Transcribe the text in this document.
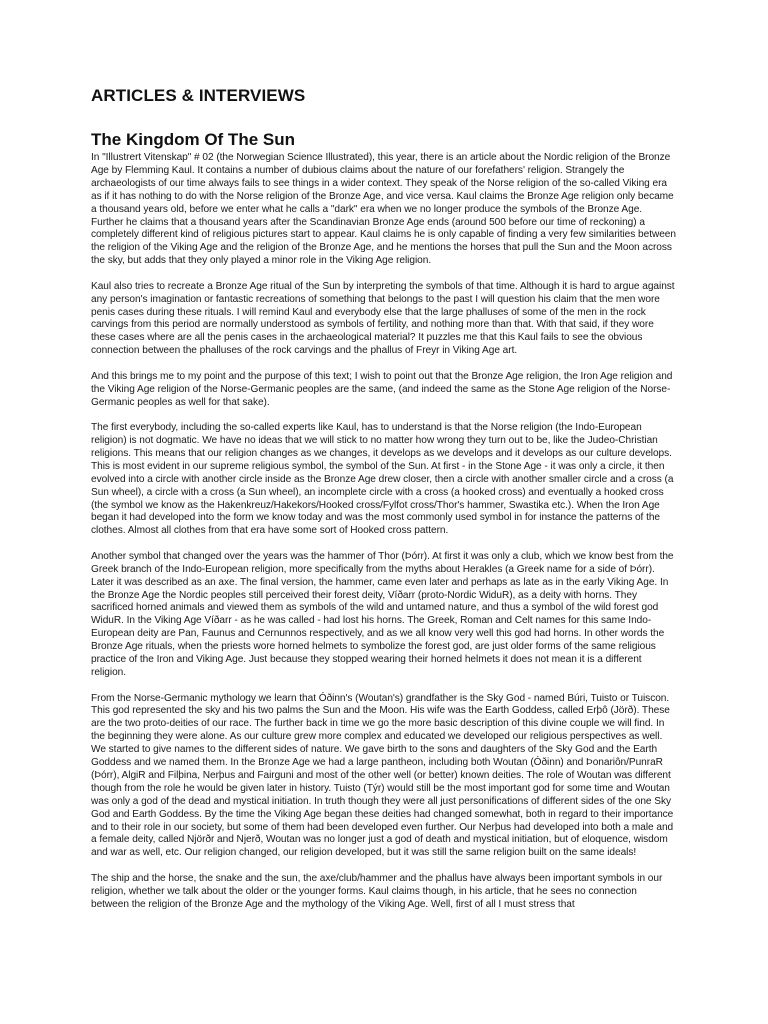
ARTICLES & INTERVIEWS
The Kingdom Of The Sun

In "Illustrert Vitenskap" # 02 (the Norwegian Science Illustrated), this year, there is an article about the Nordic religion of the Bronze Age by Flemming Kaul. It contains a number of dubious claims about the nature of our forefathers' religion. Strangely the archaeologists of our time always fails to see things in a wider context. They speak of the Norse religion of the so-called Viking era as if it has nothing to do with the Norse religion of the Bronze Age, and vice versa. Kaul claims the Bronze Age religion only became a thousand years old, before we enter what he calls a "dark" era when we no longer produce the symbols of the Bronze Age. Further he claims that a thousand years after the Scandinavian Bronze Age ends (around 500 before our time of reckoning) a completely different kind of religious pictures start to appear. Kaul claims he is only capable of finding a very few similarities between the religion of the Viking Age and the religion of the Bronze Age, and he mentions the horses that pull the Sun and the Moon across the sky, but adds that they only played a minor role in the Viking Age religion.

Kaul also tries to recreate a Bronze Age ritual of the Sun by interpreting the symbols of that time. Although it is hard to argue against any person's imagination or fantastic recreations of something that belongs to the past I will question his claim that the men wore penis cases during these rituals. I will remind Kaul and everybody else that the large phalluses of some of the men in the rock carvings from this period are normally understood as symbols of fertility, and nothing more than that. With that said, if they wore these cases where are all the penis cases in the archaeological material? It puzzles me that this Kaul fails to see the obvious connection between the phalluses of the rock carvings and the phallus of Freyr in Viking Age art.

And this brings me to my point and the purpose of this text; I wish to point out that the Bronze Age religion, the Iron Age religion and the Viking Age religion of the Norse-Germanic peoples are the same, (and indeed the same as the Stone Age religion of the Norse-Germanic peoples as well for that sake).

The first everybody, including the so-called experts like Kaul, has to understand is that the Norse religion (the Indo-European religion) is not dogmatic. We have no ideas that we will stick to no matter how wrong they turn out to be, like the Judeo-Christian religions. This means that our religion changes as we changes, it develops as we develops and it develops as our culture develops. This is most evident in our supreme religious symbol, the symbol of the Sun. At first - in the Stone Age - it was only a circle, it then evolved into a circle with another circle inside as the Bronze Age drew closer, then a circle with another smaller circle and a cross (a Sun wheel), a circle with a cross (a Sun wheel), an incomplete circle with a cross (a hooked cross) and eventually a hooked cross (the symbol we know as the Hakenkreuz/Hakekors/Hooked cross/Fylfot cross/Thor's hammer, Swastika etc.). When the Iron Age began it had developed into the form we know today and was the most commonly used symbol in for instance the patterns of the clothes. Almost all clothes from that era have some sort of Hooked cross pattern.

Another symbol that changed over the years was the hammer of Thor (Þórr). At first it was only a club, which we know best from the Greek branch of the Indo-European religion, more specifically from the myths about Herakles (a Greek name for a side of Þórr). Later it was described as an axe. The final version, the hammer, came even later and perhaps as late as in the early Viking Age. In the Bronze Age the Nordic peoples still perceived their forest deity, Víðarr (proto-Nordic WiduR), as a deity with horns. They sacrificed horned animals and viewed them as symbols of the wild and untamed nature, and thus a symbol of the wild forest god WiduR. In the Viking Age Víðarr - as he was called - had lost his horns. The Greek, Roman and Celt names for this same Indo-European deity are Pan, Faunus and Cernunnos respectively, and as we all know very well this god had horns. In other words the Bronze Age rituals, when the priests wore horned helmets to symbolize the forest god, are just older forms of the same religious practice of the Iron and Viking Age. Just because they stopped wearing their horned helmets it does not mean it is a different religion.

From the Norse-Germanic mythology we learn that Óðinn's (Woutan's) grandfather is the Sky God - named Búri, Tuisto or Tuiscon. This god represented the sky and his two palms the Sun and the Moon. His wife was the Earth Goddess, called Erþô (Jörð). These are the two proto-deities of our race. The further back in time we go the more basic description of this divine couple we will find. In the beginning they were alone. As our culture grew more complex and educated we developed our religious perspectives as well. We started to give names to the different sides of nature. We gave birth to the sons and daughters of the Sky God and the Earth Goddess and we named them. In the Bronze Age we had a large pantheon, including both Woutan (Óðinn) and Þonariôn/PunraR (Þórr), AlgiR and Filþina, Nerþus and Fairguni and most of the other well (or better) known deities. The role of Woutan was different though from the role he would be given later in history. Tuisto (Týr) would still be the most important god for some time and Woutan was only a god of the dead and mystical initiation. In truth though they were all just personifications of different sides of the one Sky God and Earth Goddess. By the time the Viking Age began these deities had changed somewhat, both in regard to their importance and to their role in our society, but some of them had been developed even further. Our Nerþus had developed into both a male and a female deity, called Njörðr and Njerð, Woutan was no longer just a god of death and mystical initiation, but of eloquence, wisdom and war as well, etc. Our religion changed, our religion developed, but it was still the same religion built on the same ideals!

The ship and the horse, the snake and the sun, the axe/club/hammer and the phallus have always been important symbols in our religion, whether we talk about the older or the younger forms. Kaul claims though, in his article, that he sees no connection between the religion of the Bronze Age and the mythology of the Viking Age. Well, first of all I must stress that
